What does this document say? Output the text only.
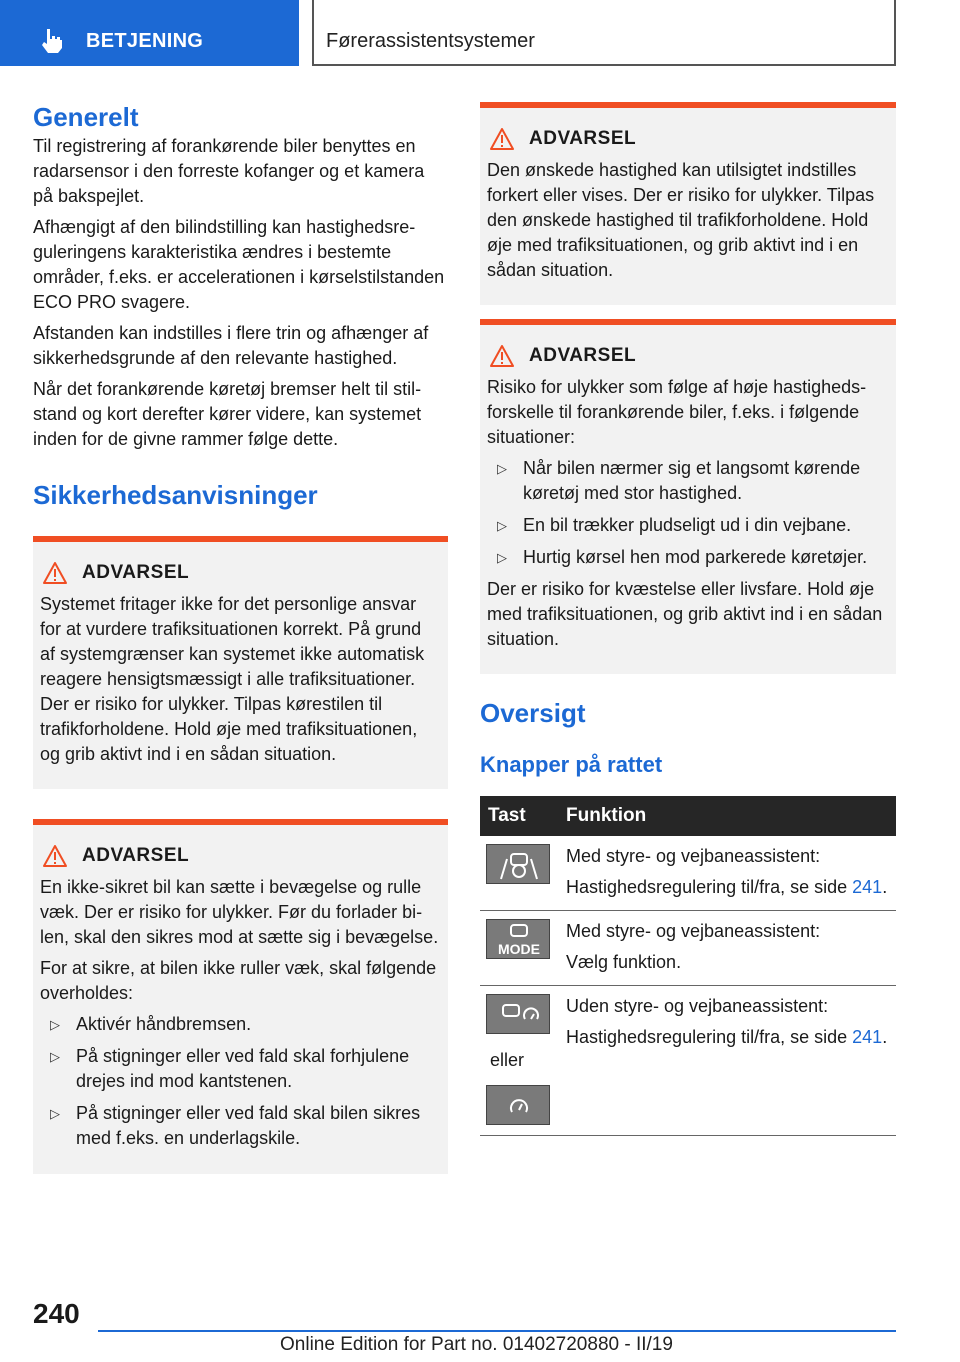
BETJENING	Førerassistentsystemer
Generelt

Til registrering af forankørende biler benyttes en radarsensor i den forreste kofanger og et kamera på bakspejlet.

Afhængigt af den bilindstilling kan hastighedsreguleringens karakteristika ændres i bestemte områder, f.eks. er accelerationen i kørselstilstanden ECO PRO svagere.

Afstanden kan indstilles i flere trin og afhænger af sikkerhedsgrunde af den relevante hastighed.

Når det forankørende køretøj bremser helt til stilstand og kort derefter kører videre, kan systemet inden for de givne rammer følge dette.

Sikkerhedsanvisninger
ADVARSEL

Systemet fritager ikke for det personlige ansvar for at vurdere trafiksituationen korrekt. På grund af systemgrænser kan systemet ikke automatisk reagere hensigtsmæssigt i alle trafiksituationer. Der er risiko for ulykker. Tilpas kørestilen til trafikforholdene. Hold øje med trafiksituationen, og grib aktivt ind i en sådan situation.

ADVARSEL

En ikke-sikret bil kan sætte i bevægelse og rulle væk. Der er risiko for ulykker. Før du forlader bilen, skal den sikres mod at sætte sig i bevægelse.

For at sikre, at bilen ikke ruller væk, skal følgende overholdes:

▷ Aktivér håndbremsen.
▷ På stigninger eller ved fald skal forhjulene drejes ind mod kantstenen.
▷ På stigninger eller ved fald skal bilen sikres med f.eks. en underlagskile.
ADVARSEL

Den ønskede hastighed kan utilsigtet indstilles forkert eller vises. Der er risiko for ulykker. Tilpas den ønskede hastighed til trafikforholdene. Hold øje med trafiksituationen, og grib aktivt ind i en sådan situation.

ADVARSEL

Risiko for ulykker som følge af høje hastighedsforskelle til forankørende biler, f.eks. i følgende situationer:

▷ Når bilen nærmer sig et langsomt kørende køretøj med stor hastighed.
▷ En bil trækker pludseligt ud i din vejbane.
▷ Hurtig kørsel hen mod parkerede køretøjer.

Der er risiko for kvæstelse eller livsfare. Hold øje med trafiksituationen, og grib aktivt ind i en sådan situation.

Oversigt
Knapper på rattet
Tast	Funktion

Med styre- og vejbaneassistent:
Hastighedsregulering til/fra, se side 241.

MODE	Med styre- og vejbaneassistent:
Vælg funktion.

eller	Uden styre- og vejbaneassistent:
Hastighedsregulering til/fra, se side 241.
240
Online Edition for Part no. 01402720880 - II/19
